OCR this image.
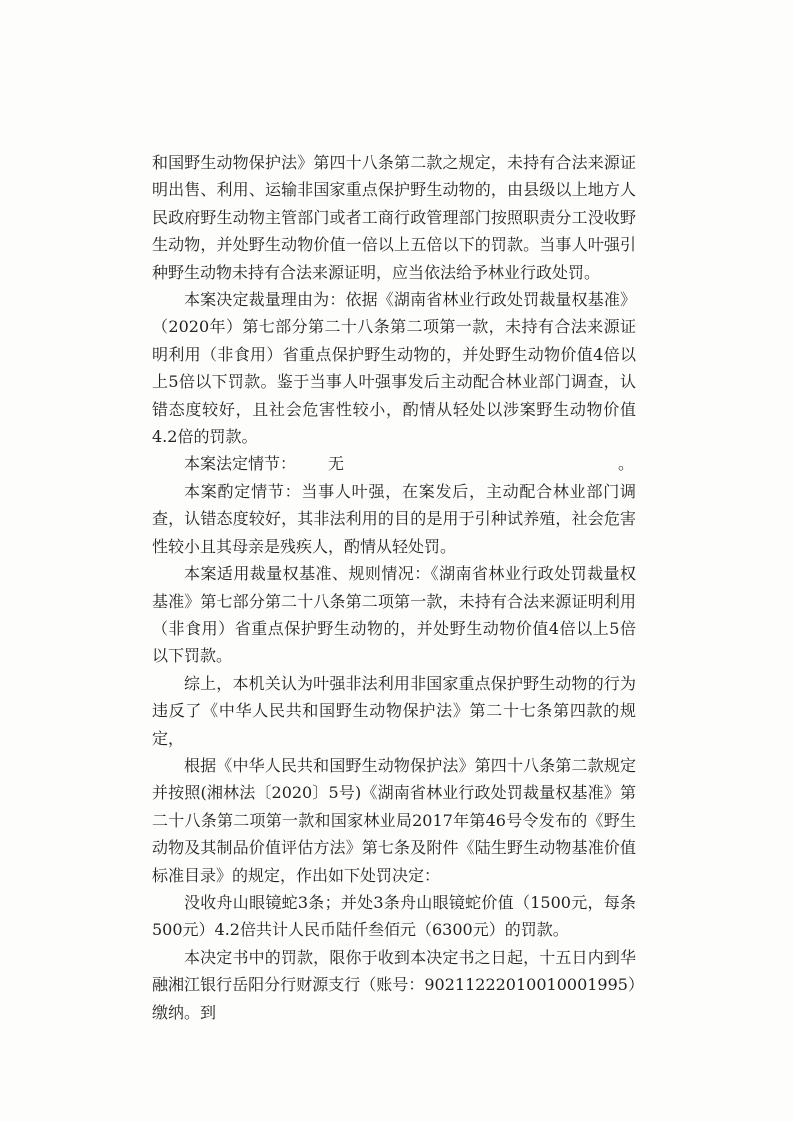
和国野生动物保护法》第四十八条第二款之规定，未持有合法来源证明出售、利用、运输非国家重点保护野生动物的，由县级以上地方人民政府野生动物主管部门或者工商行政管理部门按照职责分工没收野生动物，并处野生动物价值一倍以上五倍以下的罚款。当事人叶强引种野生动物未持有合法来源证明，应当依法给予林业行政处罚。

本案决定裁量理由为：依据《湖南省林业行政处罚裁量权基准》（2020年）第七部分第二十八条第二项第一款，未持有合法来源证明利用（非食用）省重点保护野生动物的，并处野生动物价值4倍以上5倍以下罚款。鉴于当事人叶强事发后主动配合林业部门调查，认错态度较好，且社会危害性较小，酌情从轻处以涉案野生动物价值4.2倍的罚款。

本案法定情节：	无	。

本案酌定情节：当事人叶强，在案发后，主动配合林业部门调查，认错态度较好，其非法利用的目的是用于引种试养殖，社会危害性较小且其母亲是残疾人，酌情从轻处罚。

本案适用裁量权基准、规则情况：《湖南省林业行政处罚裁量权基准》第七部分第二十八条第二项第一款，未持有合法来源证明利用（非食用）省重点保护野生动物的，并处野生动物价值4倍以上5倍以下罚款。

综上，本机关认为叶强非法利用非国家重点保护野生动物的行为违反了《中华人民共和国野生动物保护法》第二十七条第四款的规定，

根据《中华人民共和国野生动物保护法》第四十八条第二款规定并按照(湘林法〔2020〕5号)《湖南省林业行政处罚裁量权基准》第二十八条第二项第一款和国家林业局2017年第46号令发布的《野生动物及其制品价值评估方法》第七条及附件《陆生野生动物基准价值标准目录》的规定，作出如下处罚决定：

没收舟山眼镜蛇3条；并处3条舟山眼镜蛇价值（1500元，每条500元）4.2倍共计人民币陆仟叁佰元（6300元）的罚款。

本决定书中的罚款，限你于收到本决定书之日起，十五日内到华融湘江银行岳阳分行财源支行（账号：90211222010010001995）缴纳。到
